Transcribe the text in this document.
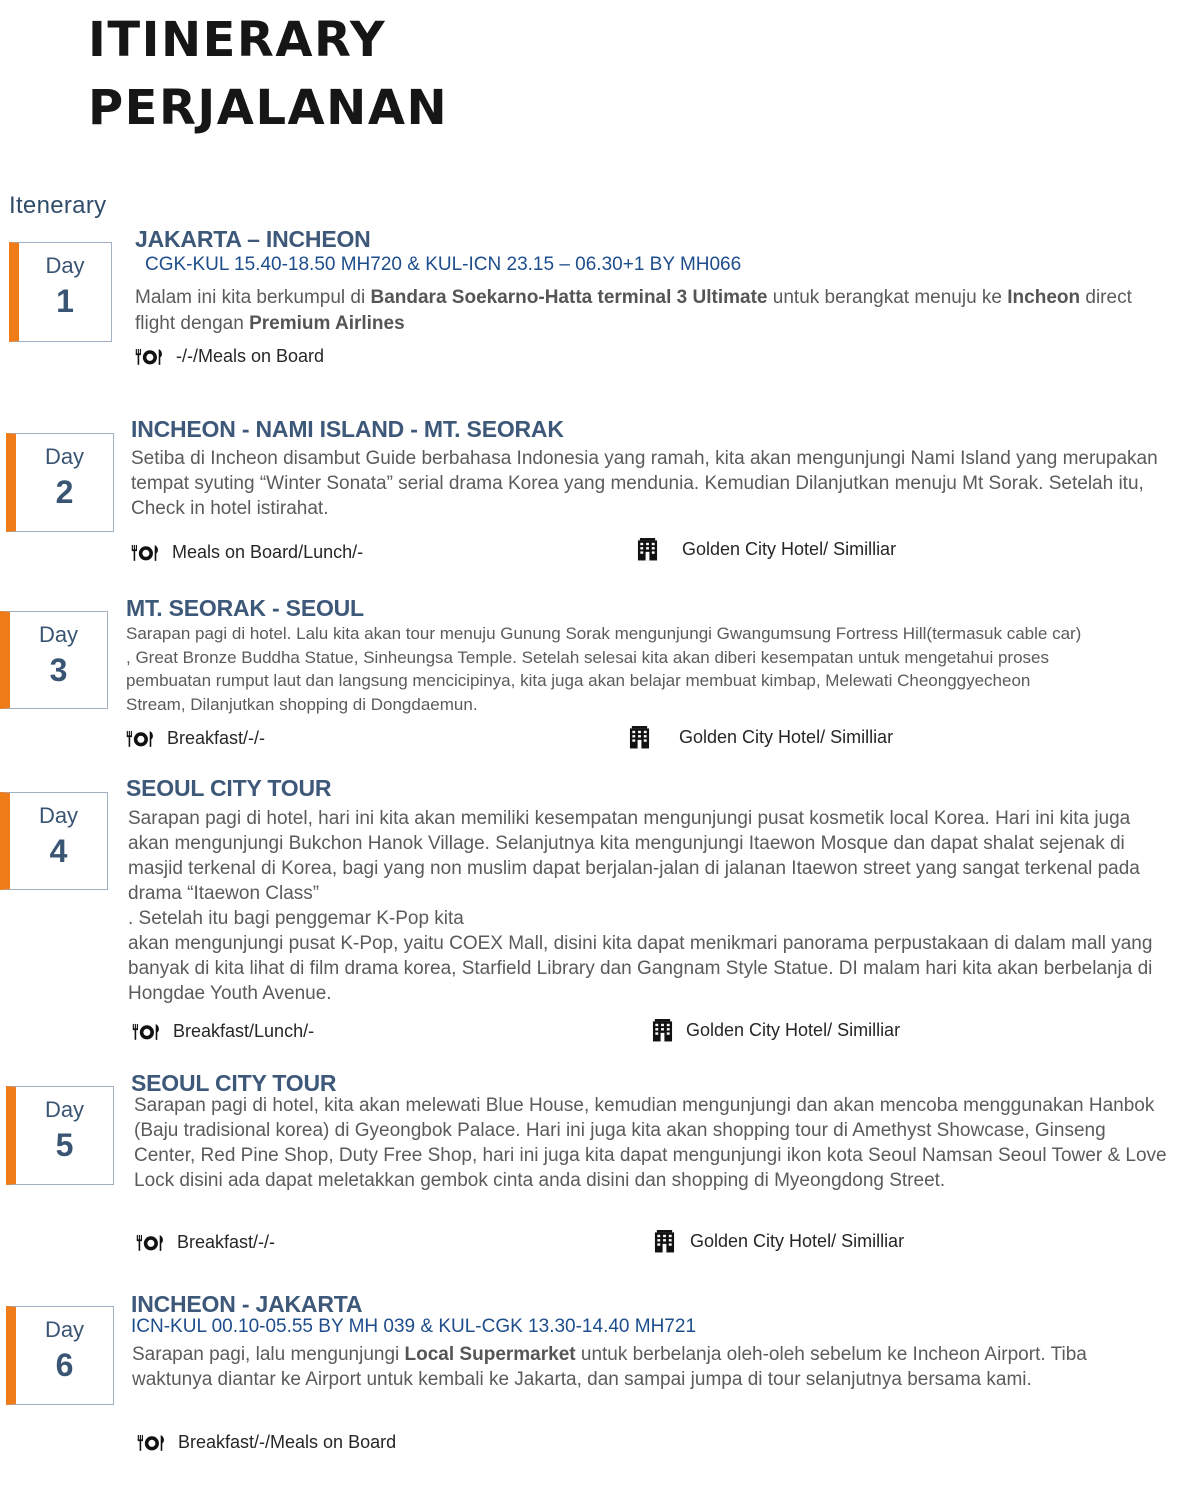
ITINERARY
PERJALANAN
Itenerary
Day
1
JAKARTA – INCHEON
CGK-KUL 15.40-18.50 MH720 & KUL-ICN 23.15 – 06.30+1 BY MH066

Malam ini kita berkumpul di Bandara Soekarno-Hatta terminal 3 Ultimate untuk berangkat menuju ke Incheon direct flight dengan Premium Airlines

-/-/Meals on Board
Day
2
INCHEON - NAMI ISLAND - MT. SEORAK

Setiba di Incheon disambut Guide berbahasa Indonesia yang ramah, kita akan mengunjungi Nami Island yang merupakan tempat syuting “Winter Sonata” serial drama Korea yang mendunia. Kemudian Dilanjutkan menuju Mt Sorak. Setelah itu, Check in hotel istirahat.

Meals on Board/Lunch/-	Golden City Hotel/ Similliar
Day
3
MT. SEORAK - SEOUL

Sarapan pagi di hotel. Lalu kita akan tour menuju Gunung Sorak mengunjungi Gwangumsung Fortress Hill(termasuk cable car) , Great Bronze Buddha Statue, Sinheungsa Temple. Setelah selesai kita akan diberi kesempatan untuk mengetahui proses pembuatan rumput laut dan langsung mencicipinya, kita juga akan belajar membuat kimbap, Melewati Cheonggyecheon Stream, Dilanjutkan shopping di Dongdaemun.

Breakfast/-/-	Golden City Hotel/ Similliar
Day
4
SEOUL CITY TOUR
Sarapan pagi di hotel, hari ini kita akan memiliki kesempatan mengunjungi pusat kosmetik local Korea. Hari ini kita juga akan mengunjungi Bukchon Hanok Village. Selanjutnya kita mengunjungi Itaewon Mosque dan dapat shalat sejenak di masjid terkenal di Korea, bagi yang non muslim dapat berjalan-jalan di jalanan Itaewon street yang sangat terkenal pada drama “Itaewon Class”
. Setelah itu bagi penggemar K-Pop kita
akan mengunjungi pusat K-Pop, yaitu COEX Mall, disini kita dapat menikmari panorama perpustakaan di dalam mall yang banyak di kita lihat di film drama korea, Starfield Library dan Gangnam Style Statue. DI malam hari kita akan berbelanja di Hongdae Youth Avenue.
Breakfast/Lunch/-	Golden City Hotel/ Similliar
Day
5
SEOUL CITY TOUR

Sarapan pagi di hotel, kita akan melewati Blue House, kemudian mengunjungi dan akan mencoba menggunakan Hanbok (Baju tradisional korea) di Gyeongbok Palace. Hari ini juga kita akan shopping tour di Amethyst Showcase, Ginseng Center, Red Pine Shop, Duty Free Shop, hari ini juga kita dapat mengunjungi ikon kota Seoul Namsan Seoul Tower & Love Lock disini ada dapat meletakkan gembok cinta anda disini dan shopping di Myeongdong Street.

Breakfast/-/-	Golden City Hotel/ Similliar
Day
6
INCHEON - JAKARTA
ICN-KUL 00.10-05.55 BY MH 039 & KUL-CGK 13.30-14.40 MH721

Sarapan pagi, lalu mengunjungi Local Supermarket untuk berbelanja oleh-oleh sebelum ke Incheon Airport. Tiba waktunya diantar ke Airport untuk kembali ke Jakarta, dan sampai jumpa di tour selanjutnya bersama kami.

Breakfast/-/Meals on Board
